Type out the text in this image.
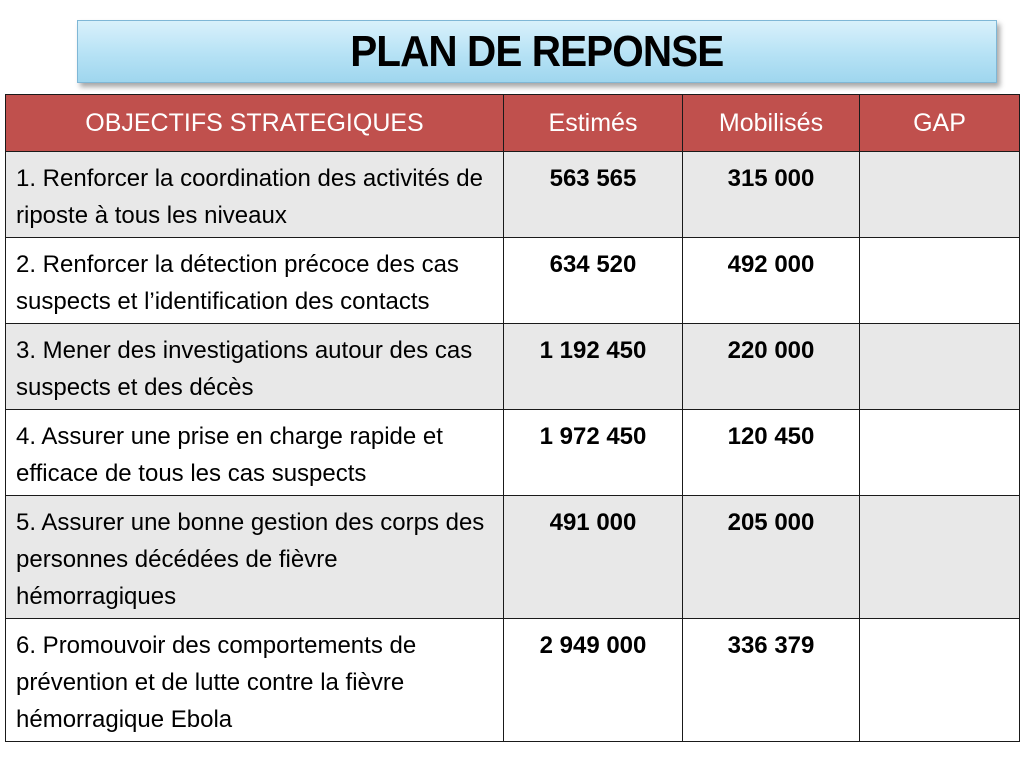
PLAN DE REPONSE
OBJECTIFS STRATEGIQUES	Estimés	Mobilisés	GAP
1. Renforcer la coordination des activités de riposte à tous les niveaux	563 565	315 000	
2. Renforcer la détection précoce des cas suspects et l’identification des contacts	634 520	492 000	
3. Mener des investigations autour des cas suspects et des décès	1 192 450	220 000	
4. Assurer une prise en charge rapide et efficace de tous les cas suspects	1 972 450	120 450	
5. Assurer une bonne gestion des corps des personnes décédées de fièvre hémorragiques	491 000	205 000	
6. Promouvoir des comportements de prévention et de lutte contre la fièvre hémorragique Ebola	2 949 000	336 379	
